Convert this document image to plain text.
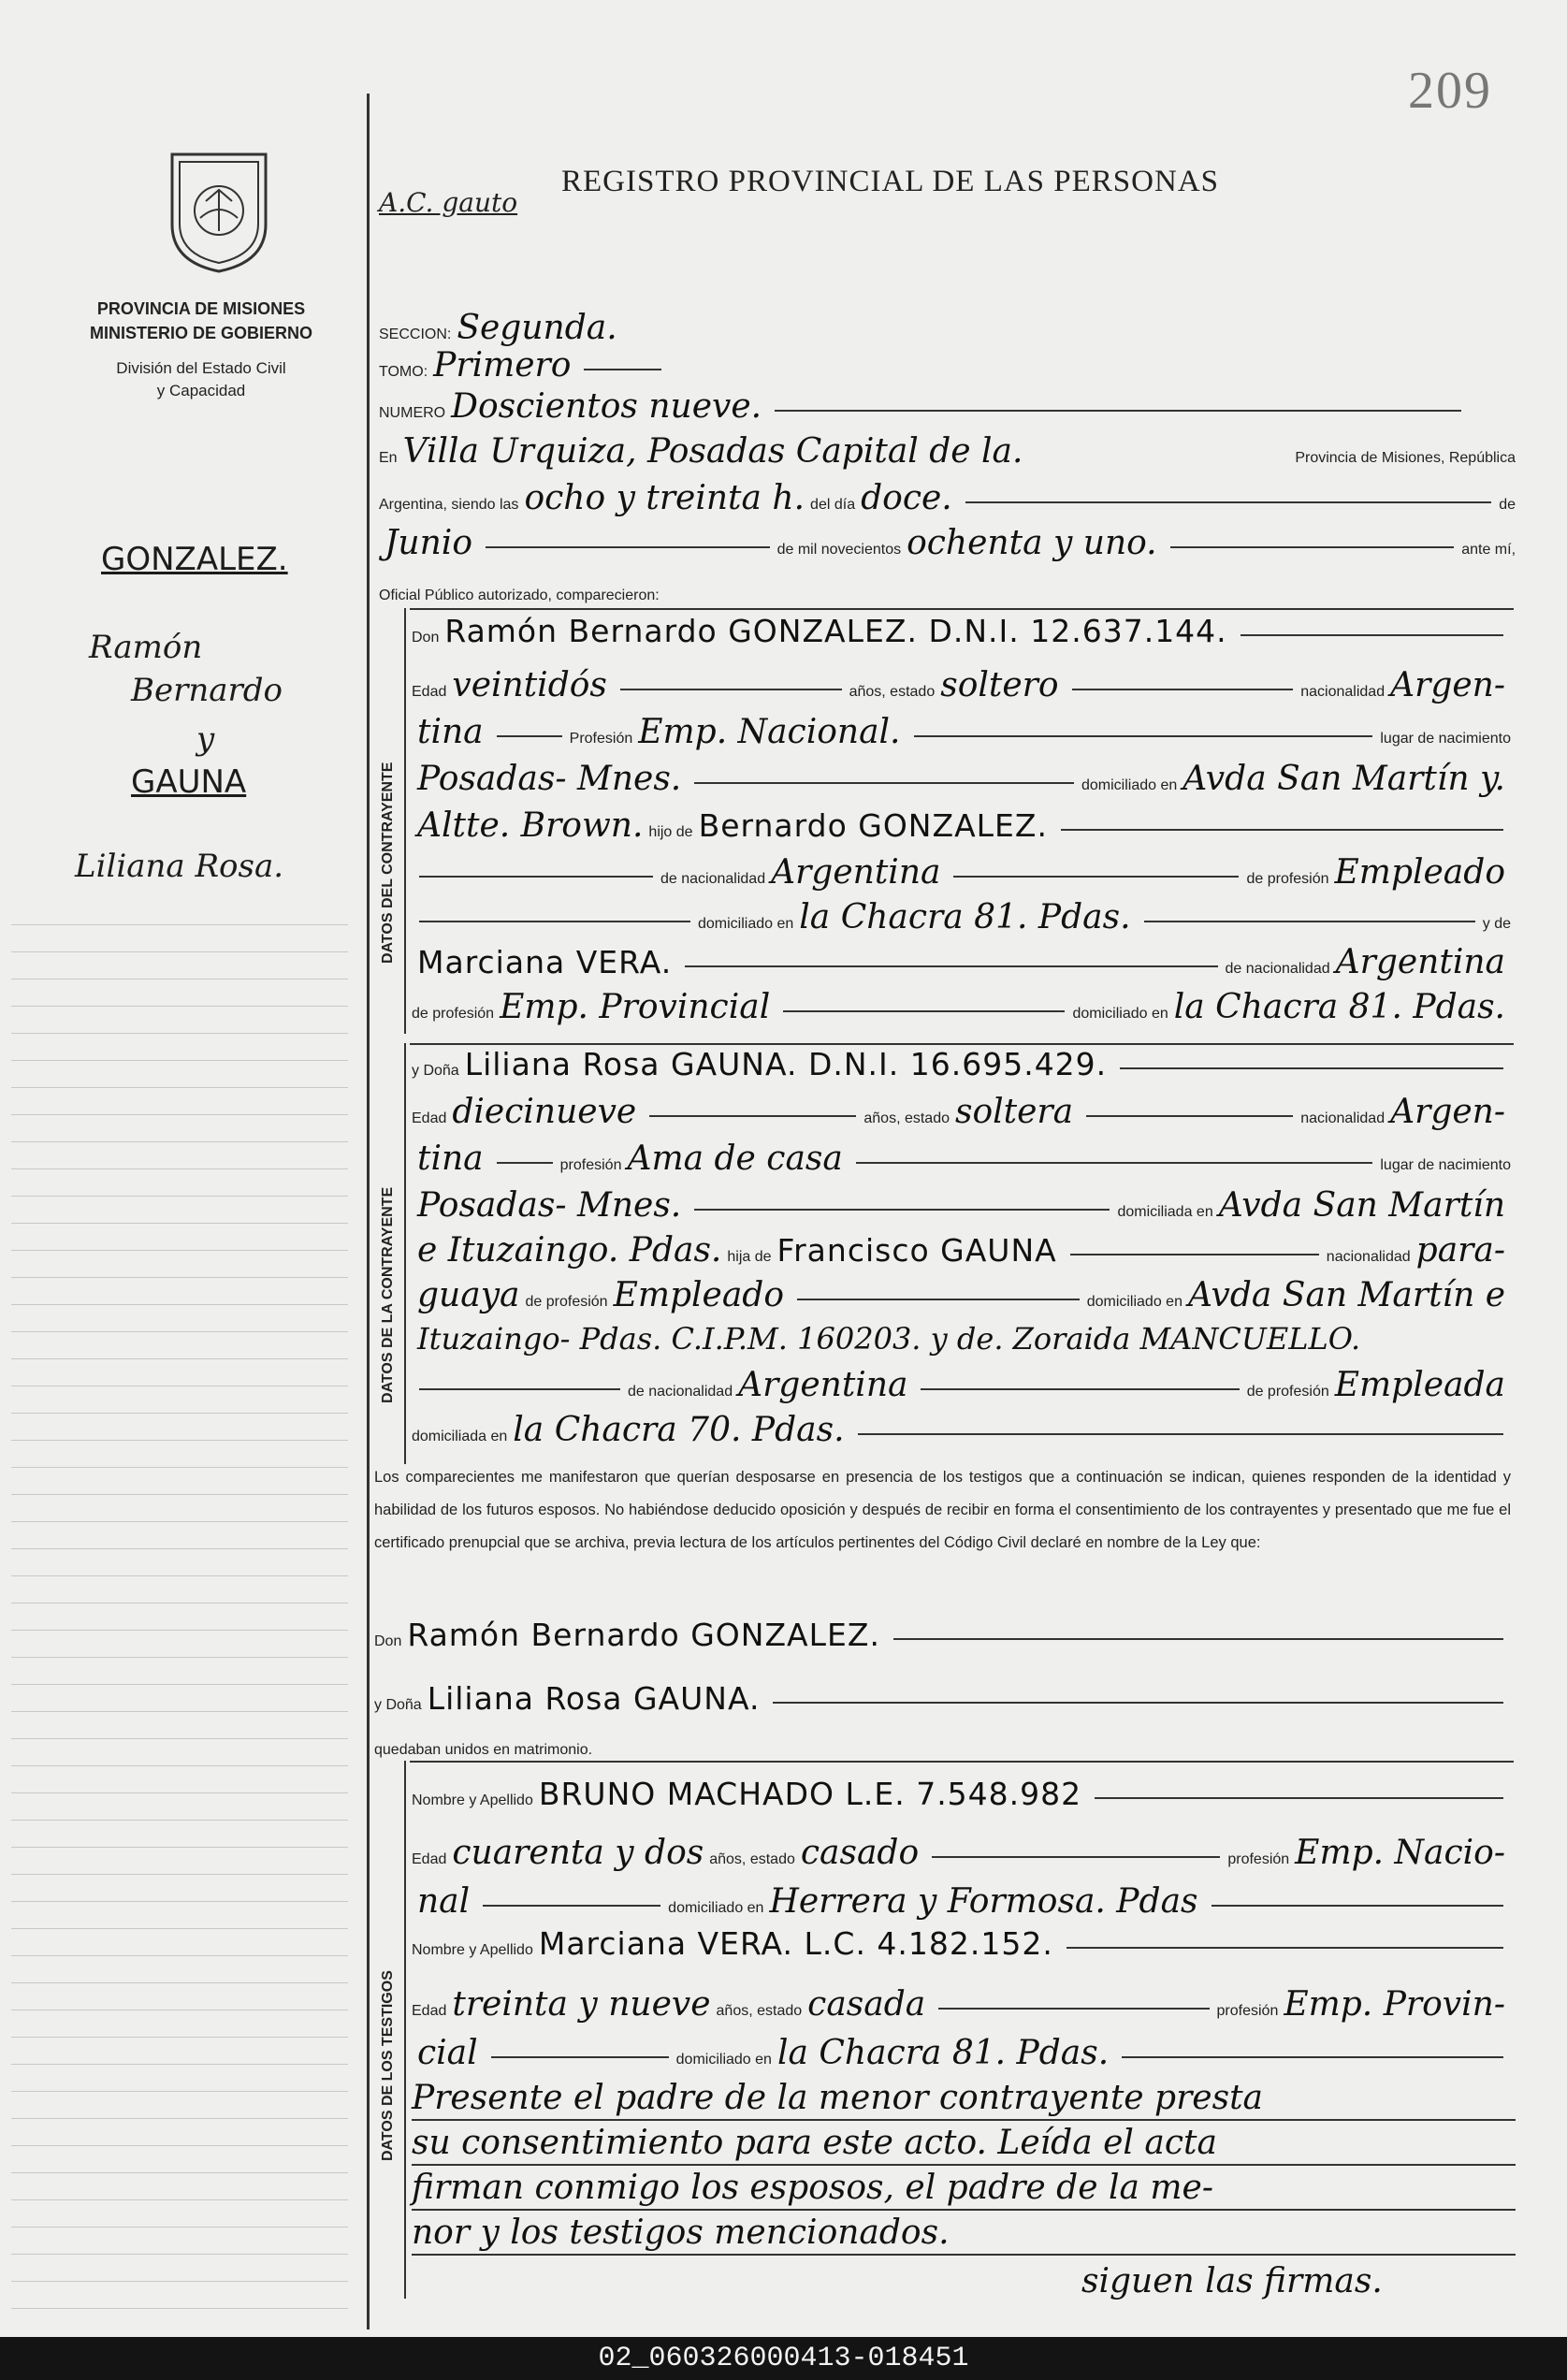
209
PROVINCIA DE MISIONES
MINISTERIO DE GOBIERNO
División del Estado Civil
y Capacidad
GONZALEZ.
Ramón
Bernardo
y
GAUNA
Liliana Rosa.
A.C. gauto
REGISTRO PROVINCIAL DE LAS PERSONAS
SECCION: Segunda.
TOMO: Primero
NUMERO Doscientos nueve.
En Villa Urquiza, Posadas Capital de la.	Provincia de Misiones, República
Argentina, siendo las ocho y treinta h. del día doce.	de
Junio	de mil novecientos ochenta y uno.	ante mí,
Oficial Público autorizado, comparecieron:
DATOS DEL CONTRAYENTE
Don Ramón Bernardo GONZALEZ. D.N.I. 12.637.144.
Edad veintidós	años, estado soltero	nacionalidad Argen-
tina	Profesión Emp. Nacional.	lugar de nacimiento
Posadas- Mnes.	domiciliado en Avda San Martín y.
Altte. Brown. hijo de Bernardo GONZALEZ.
de nacionalidad Argentina	de profesión Empleado
domiciliado en la Chacra 81. Pdas.	y de
Marciana VERA.	de nacionalidad Argentina
de profesión Emp. Provincial	domiciliado en la Chacra 81. Pdas.
DATOS DE LA CONTRAYENTE
y Doña Liliana Rosa GAUNA. D.N.I. 16.695.429.
Edad diecinueve	años, estado soltera	nacionalidad Argen-
tina	profesión Ama de casa	lugar de nacimiento
Posadas- Mnes.	domiciliada en Avda San Martín
e Ituzaingo. Pdas. hija de Francisco GAUNA	nacionalidad para-
guaya de profesión Empleado	domiciliado en Avda San Martín e
Ituzaingo- Pdas. C.I.P.M. 160203. y de. Zoraida MANCUELLO.
de nacionalidad Argentina	de profesión Empleada
domiciliada en la Chacra 70. Pdas.
Los comparecientes me manifestaron que querían desposarse en presencia de los testigos que a continuación se indican, quienes responden de la identidad y habilidad de los futuros esposos. No habiéndose deducido oposición y después de recibir en forma el consentimiento de los contrayentes y presentado que me fue el certificado prenupcial que se archiva, previa lectura de los artículos pertinentes del Código Civil declaré en nombre de la Ley que:
Don Ramón Bernardo GONZALEZ.
y Doña Liliana Rosa GAUNA.
quedaban unidos en matrimonio.
DATOS DE LOS TESTIGOS
Nombre y Apellido BRUNO MACHADO L.E. 7.548.982
Edad cuarenta y dos años, estado casado	profesión Emp. Nacio-
nal	domiciliado en Herrera y Formosa. Pdas
Nombre y Apellido Marciana VERA. L.C. 4.182.152.
Edad treinta y nueve años, estado casada	profesión Emp. Provin-
cial	domiciliado en la Chacra 81. Pdas.
Presente el padre de la menor contrayente presta
su consentimiento para este acto. Leída el acta
firman conmigo los esposos, el padre de la me-
nor y los testigos mencionados.
siguen las firmas.
02_060326000413-018451
